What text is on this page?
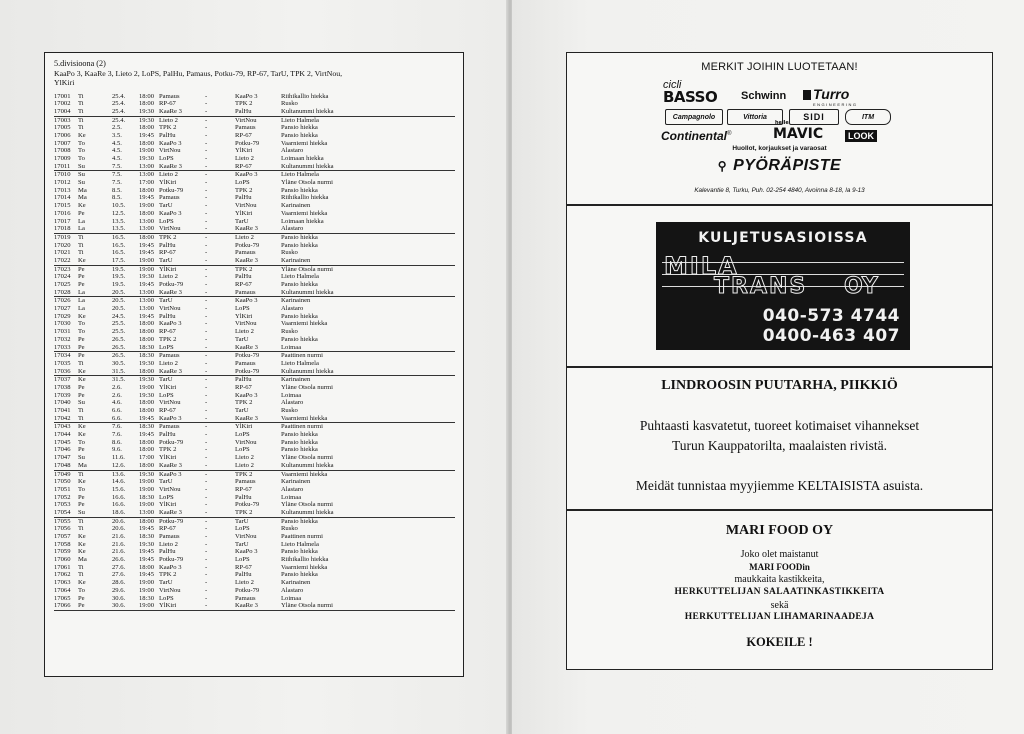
5.divisioona (2)

KaaPo 3, KaaRe 3, Lieto 2, LoPS, PalHu, Pamaus, Potku-79, RP-67, TarU, TPK 2, VirtNou, YlKiri

17001	Ti	25.4.	18:00 Pamaus	-	KaaPo 3	Riihikallio hiekka
17002	Ti	25.4.	18:00 RP-67	-	TPK 2	Rusko
17004	Ti	25.4.	19:30 KaaRe 3	-	PalHu	Kultanummi hiekka
17003	Ti	25.4.	19:30 Lieto 2	-	VirtNou	Lieto Halmela
17005	Ti	2.5.	18:00 TPK 2	-	Pamaus	Pansio hiekka
17006	Ke	3.5.	19:45 PalHu	-	RP-67	Pansio hiekka
17007	To	4.5.	18:00 KaaPo 3	-	Potku-79	Vaarniemi hiekka
17008	To	4.5.	19:00 VirtNou	-	YlKiri	Alastaro
17009	To	4.5.	19:30 LoPS	-	Lieto 2	Loimaan hiekka
17011	Su	7.5.	13:00 KaaRe 3	-	RP-67	Kultanummi hiekka
17010	Su	7.5.	13:00 Lieto 2	-	KaaPo 3	Lieto Halmela
17012	Su	7.5.	17:00 YlKiri	-	LoPS	Yläne Otsola nurmi
17013	Ma	8.5.	18:00 Potku-79	-	TPK 2	Pansio hiekka
17014	Ma	8.5.	19:45 Pamaus	-	PalHu	Riihikallio hiekka
17015	Ke	10.5.	19:00 TarU	-	VirtNou	Karinainen
17016	Pe	12.5.	18:00 KaaPo 3	-	YlKiri	Vaarniemi hiekka
17017	La	13.5.	13:00 LoPS	-	TarU	Loimaan hiekka
17018	La	13.5.	13:00 VirtNou	-	KaaRe 3	Alastaro
17019	Ti	16.5.	18:00 TPK 2	-	Lieto 2	Pansio hiekka
17020	Ti	16.5.	19:45 PalHu	-	Potku-79	Pansio hiekka
17021	Ti	16.5.	19:45 RP-67	-	Pamaus	Rusko
17022	Ke	17.5.	19:00 TarU	-	KaaRe 3	Karinainen
17023	Pe	19.5.	19:00 YlKiri	-	TPK 2	Yläne Otsola nurmi
17024	Pe	19.5.	19:30 Lieto 2	-	PalHu	Lieto Halmela
17025	Pe	19.5.	19:45 Potku-79	-	RP-67	Pansio hiekka
17028	La	20.5.	13:00 KaaRe 3	-	Pamaus	Kultanummi hiekka
17026	La	20.5.	13:00 TarU	-	KaaPo 3	Karinainen
17027	La	20.5.	13:00 VirtNou	-	LoPS	Alastaro
17029	Ke	24.5.	19:45 PalHu	-	YlKiri	Pansio hiekka
17030	To	25.5.	18:00 KaaPo 3	-	VirtNou	Vaarniemi hiekka
17031	To	25.5.	18:00 RP-67	-	Lieto 2	Rusko
17032	Pe	26.5.	18:00 TPK 2	-	TarU	Pansio hiekka
17033	Pe	26.5.	18:30 LoPS	-	KaaRe 3	Loimaa
17034	Pe	26.5.	18:30 Pamaus	-	Potku-79	Paattinen nurmi
17035	Ti	30.5.	19:30 Lieto 2	-	Pamaus	Lieto Halmela
17036	Ke	31.5.	18:00 KaaRe 3	-	Potku-79	Kultanummi hiekka
17037	Ke	31.5.	19:30 TarU	-	PalHu	Karinainen
17038	Pe	2.6.	19:00 YlKiri	-	RP-67	Yläne Otsola nurmi
17039	Pe	2.6.	19:30 LoPS	-	KaaPo 3	Loimaa
17040	Su	4.6.	18:00 VirtNou	-	TPK 2	Alastaro
17041	Ti	6.6.	18:00 RP-67	-	TarU	Rusko
17042	Ti	6.6.	19:45 KaaPo 3	-	KaaRe 3	Vaarniemi hiekka
17043	Ke	7.6.	18:30 Pamaus	-	YlKiri	Paattinen nurmi
17044	Ke	7.6.	19:45 PalHu	-	LoPS	Pansio hiekka
17045	To	8.6.	18:00 Potku-79	-	VirtNou	Pansio hiekka
17046	Pe	9.6.	18:00 TPK 2	-	LoPS	Pansio hiekka
17047	Su	11.6.	17:00 YlKiri	-	Lieto 2	Yläne Otsola nurmi
17048	Ma	12.6.	18:00 KaaRe 3	-	Lieto 2	Kultanummi hiekka
17049	Ti	13.6.	19:30 KaaPo 3	-	TPK 2	Vaarniemi hiekka
17050	Ke	14.6.	19:00 TarU	-	Pamaus	Karinainen
17051	To	15.6.	19:00 VirtNou	-	RP-67	Alastaro
17052	Pe	16.6.	18:30 LoPS	-	PalHu	Loimaa
17053	Pe	16.6.	19:00 YlKiri	-	Potku-79	Yläne Otsola nurmi
17054	Su	18.6.	13:00 KaaRe 3	-	TPK 2	Kultanummi hiekka
17055	Ti	20.6.	18:00 Potku-79	-	TarU	Pansio hiekka
17056	Ti	20.6.	19:45 RP-67	-	LoPS	Rusko
17057	Ke	21.6.	18:30 Pamaus	-	VirtNou	Paattinen nurmi
17058	Ke	21.6.	19:30 Lieto 2	-	TarU	Lieto Halmela
17059	Ke	21.6.	19:45 PalHu	-	KaaPo 3	Pansio hiekka
17060	Ma	26.6.	19:45 Potku-79	-	LoPS	Riihikallio hiekka
17061	Ti	27.6.	18:00 KaaPo 3	-	RP-67	Vaarniemi hiekka
17062	Ti	27.6.	19:45 TPK 2	-	PalHu	Pansio hiekka
17063	Ke	28.6.	19:00 TarU	-	Lieto 2	Karinainen
17064	To	29.6.	19:00 VirtNou	-	Potku-79	Alastaro
17065	Pe	30.6.	18:30 LoPS	-	Pamaus	Loimaa
17066	Pe	30.6.	19:00 YlKiri	-	KaaRe 3	Yläne Otsola nurmi
MERKIT JOIHIN LUOTETAAN!
cicli
BASSO Schwinn	Turro
ENGINEERING
Campagnolo	Vittoria	SIDI	ITM
Continental®
helle
MAVIC	LOOK
Huollot, korjaukset ja varaosat
⚲ PYÖRÄPISTE
Kalevantie 8, Turku, Puh. 02-254 4840, Avoinna 8-18, la 9-13
KULJETUSASIOISSA
MILA
TRANS OY
040-573 4744
0400-463 407
LINDROOSIN PUUTARHA, PIIKKIÖ
Puhtaasti kasvatetut, tuoreet kotimaiset vihannekset
Turun Kauppatorilta, maalaisten rivistä.
Meidät tunnistaa myyjiemme KELTAISISTA asuista.
MARI FOOD OY
Joko olet maistanut
MARI FOODin
maukkaita kastikkeita,
HERKUTTELIJAN SALAATINKASTIKKEITA
sekä
HERKUTTELIJAN LIHAMARINAADEJA
KOKEILE !
